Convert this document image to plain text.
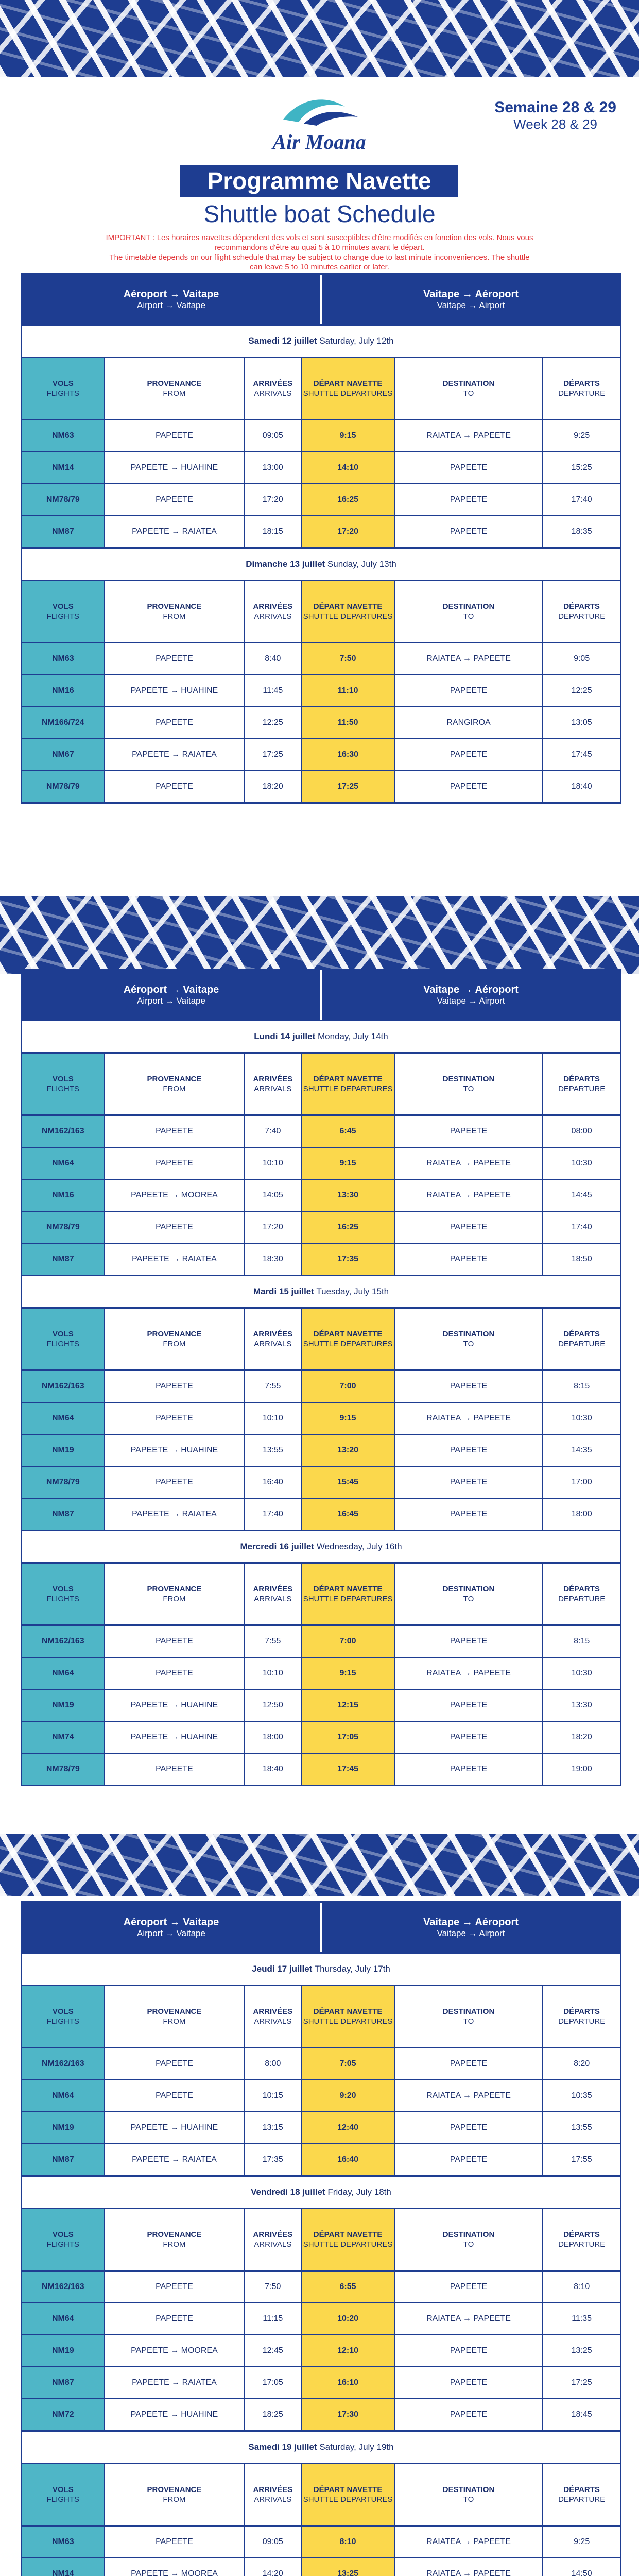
Air Moana
Semaine 28 & 29
Week 28 & 29
Programme Navette
Shuttle boat Schedule
IMPORTANT : Les horaires navettes dépendent des vols et sont susceptibles d'être modifiés en fonction des vols. Nous vous recommandons d'être au quai 5 à 10 minutes avant le départ.
The timetable depends on our flight schedule that may be subject to change due to last minute inconveniences. The shuttle can leave 5 to 10 minutes earlier or later.
Aéroport → Vaitape
Airport → Vaitape
Vaitape → Aéroport
Vaitape → Airport
Samedi 12 juillet Saturday, July 12th
VOLS
FLIGHTS
PROVENANCE
FROM
ARRIVÉES
ARRIVALS
DÉPART NAVETTE
SHUTTLE DEPARTURES
DESTINATION
TO
DÉPARTS
DEPARTURE
NM63	PAPEETE	09:05	9:15	RAIATEA → PAPEETE	9:25
NM14	PAPEETE → HUAHINE	13:00	14:10	PAPEETE	15:25
NM78/79	PAPEETE	17:20	16:25	PAPEETE	17:40
NM87	PAPEETE → RAIATEA	18:15	17:20	PAPEETE	18:35
Dimanche 13 juillet Sunday, July 13th
VOLS
FLIGHTS
PROVENANCE
FROM
ARRIVÉES
ARRIVALS
DÉPART NAVETTE
SHUTTLE DEPARTURES
DESTINATION
TO
DÉPARTS
DEPARTURE
NM63	PAPEETE	8:40	7:50	RAIATEA → PAPEETE	9:05
NM16	PAPEETE → HUAHINE	11:45	11:10	PAPEETE	12:25
NM166/724	PAPEETE	12:25	11:50	RANGIROA	13:05
NM67	PAPEETE → RAIATEA	17:25	16:30	PAPEETE	17:45
NM78/79	PAPEETE	18:20	17:25	PAPEETE	18:40
Aéroport → Vaitape
Airport → Vaitape
Vaitape → Aéroport
Vaitape → Airport
Lundi 14 juillet Monday, July 14th
VOLS
FLIGHTS
PROVENANCE
FROM
ARRIVÉES
ARRIVALS
DÉPART NAVETTE
SHUTTLE DEPARTURES
DESTINATION
TO
DÉPARTS
DEPARTURE
NM162/163	PAPEETE	7:40	6:45	PAPEETE	08:00
NM64	PAPEETE	10:10	9:15	RAIATEA → PAPEETE	10:30
NM16	PAPEETE → MOOREA	14:05	13:30	RAIATEA → PAPEETE	14:45
NM78/79	PAPEETE	17:20	16:25	PAPEETE	17:40
NM87	PAPEETE → RAIATEA	18:30	17:35	PAPEETE	18:50
Mardi 15 juillet Tuesday, July 15th
VOLS
FLIGHTS
PROVENANCE
FROM
ARRIVÉES
ARRIVALS
DÉPART NAVETTE
SHUTTLE DEPARTURES
DESTINATION
TO
DÉPARTS
DEPARTURE
NM162/163	PAPEETE	7:55	7:00	PAPEETE	8:15
NM64	PAPEETE	10:10	9:15	RAIATEA → PAPEETE	10:30
NM19	PAPEETE → HUAHINE	13:55	13:20	PAPEETE	14:35
NM78/79	PAPEETE	16:40	15:45	PAPEETE	17:00
NM87	PAPEETE → RAIATEA	17:40	16:45	PAPEETE	18:00
Mercredi 16 juillet Wednesday, July 16th
VOLS
FLIGHTS
PROVENANCE
FROM
ARRIVÉES
ARRIVALS
DÉPART NAVETTE
SHUTTLE DEPARTURES
DESTINATION
TO
DÉPARTS
DEPARTURE
NM162/163	PAPEETE	7:55	7:00	PAPEETE	8:15
NM64	PAPEETE	10:10	9:15	RAIATEA → PAPEETE	10:30
NM19	PAPEETE → HUAHINE	12:50	12:15	PAPEETE	13:30
NM74	PAPEETE → HUAHINE	18:00	17:05	PAPEETE	18:20
NM78/79	PAPEETE	18:40	17:45	PAPEETE	19:00
Aéroport → Vaitape
Airport → Vaitape
Vaitape → Aéroport
Vaitape → Airport
Jeudi 17 juillet Thursday, July 17th
VOLS
FLIGHTS
PROVENANCE
FROM
ARRIVÉES
ARRIVALS
DÉPART NAVETTE
SHUTTLE DEPARTURES
DESTINATION
TO
DÉPARTS
DEPARTURE
NM162/163	PAPEETE	8:00	7:05	PAPEETE	8:20
NM64	PAPEETE	10:15	9:20	RAIATEA → PAPEETE	10:35
NM19	PAPEETE → HUAHINE	13:15	12:40	PAPEETE	13:55
NM87	PAPEETE → RAIATEA	17:35	16:40	PAPEETE	17:55
Vendredi 18 juillet Friday, July 18th
VOLS
FLIGHTS
PROVENANCE
FROM
ARRIVÉES
ARRIVALS
DÉPART NAVETTE
SHUTTLE DEPARTURES
DESTINATION
TO
DÉPARTS
DEPARTURE
NM162/163	PAPEETE	7:50	6:55	PAPEETE	8:10
NM64	PAPEETE	11:15	10:20	RAIATEA → PAPEETE	11:35
NM19	PAPEETE → MOOREA	12:45	12:10	PAPEETE	13:25
NM87	PAPEETE → RAIATEA	17:05	16:10	PAPEETE	17:25
NM72	PAPEETE → HUAHINE	18:25	17:30	PAPEETE	18:45
Samedi 19 juillet Saturday, July 19th
VOLS
FLIGHTS
PROVENANCE
FROM
ARRIVÉES
ARRIVALS
DÉPART NAVETTE
SHUTTLE DEPARTURES
DESTINATION
TO
DÉPARTS
DEPARTURE
NM63	PAPEETE	09:05	8:10	RAIATEA → PAPEETE	9:25
NM14	PAPEETE → MOOREA	14:20	13:25	RAIATEA → PAPEETE	14:50
